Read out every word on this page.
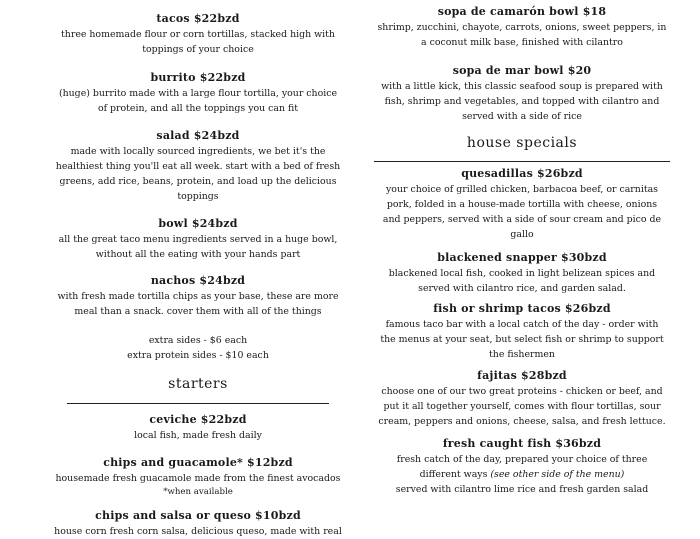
tacos $22bzd
three homemade flour or corn tortillas, stacked high with
toppings of your choice
burrito $22bzd
(huge) burrito made with a large flour tortilla, your choice
of protein, and all the toppings you can fit
salad $24bzd
made with locally sourced ingredients, we bet it's the
healthiest thing you'll eat all week. start with a bed of fresh
greens, add rice, beans, protein, and load up the delicious
toppings
bowl $24bzd
all the great taco menu ingredients served in a huge bowl,
without all the eating with your hands part
nachos $24bzd
with fresh made tortilla chips as your base, these are more
meal than a snack. cover them with all of the things
extra sides - $6 each
extra protein sides - $10 each
starters
ceviche $22bzd
local fish, made fresh daily
chips and guacamole* $12bzd
housemade fresh guacamole made from the finest avocados
*when available
chips and salsa or queso $10bzd
house corn fresh corn salsa, delicious queso, made with real
sopa de camarón bowl $18
shrimp, zucchini, chayote, carrots, onions, sweet peppers, in
a coconut milk base, finished with cilantro
sopa de mar bowl $20
with a little kick, this classic seafood soup is prepared with
fish, shrimp and vegetables, and topped with cilantro and
served with a side of rice
house specials
quesadillas $26bzd
your choice of grilled chicken, barbacoa beef, or carnitas
pork, folded in a house-made tortilla with cheese, onions
and peppers, served with a side of sour cream and pico de
gallo
blackened snapper $30bzd
blackened local fish, cooked in light belizean spices and
served with cilantro rice, and garden salad.
fish or shrimp tacos $26bzd
famous taco bar with a local catch of the day - order with
the menus at your seat, but select fish or shrimp to support
the fishermen
fajitas $28bzd
choose one of our two great proteins - chicken or beef, and
put it all together yourself, comes with flour tortillas, sour
cream, peppers and onions, cheese, salsa, and fresh lettuce.
fresh caught fish $36bzd
fresh catch of the day, prepared your choice of three
different ways (see other side of the menu)
served with cilantro lime rice and fresh garden salad
